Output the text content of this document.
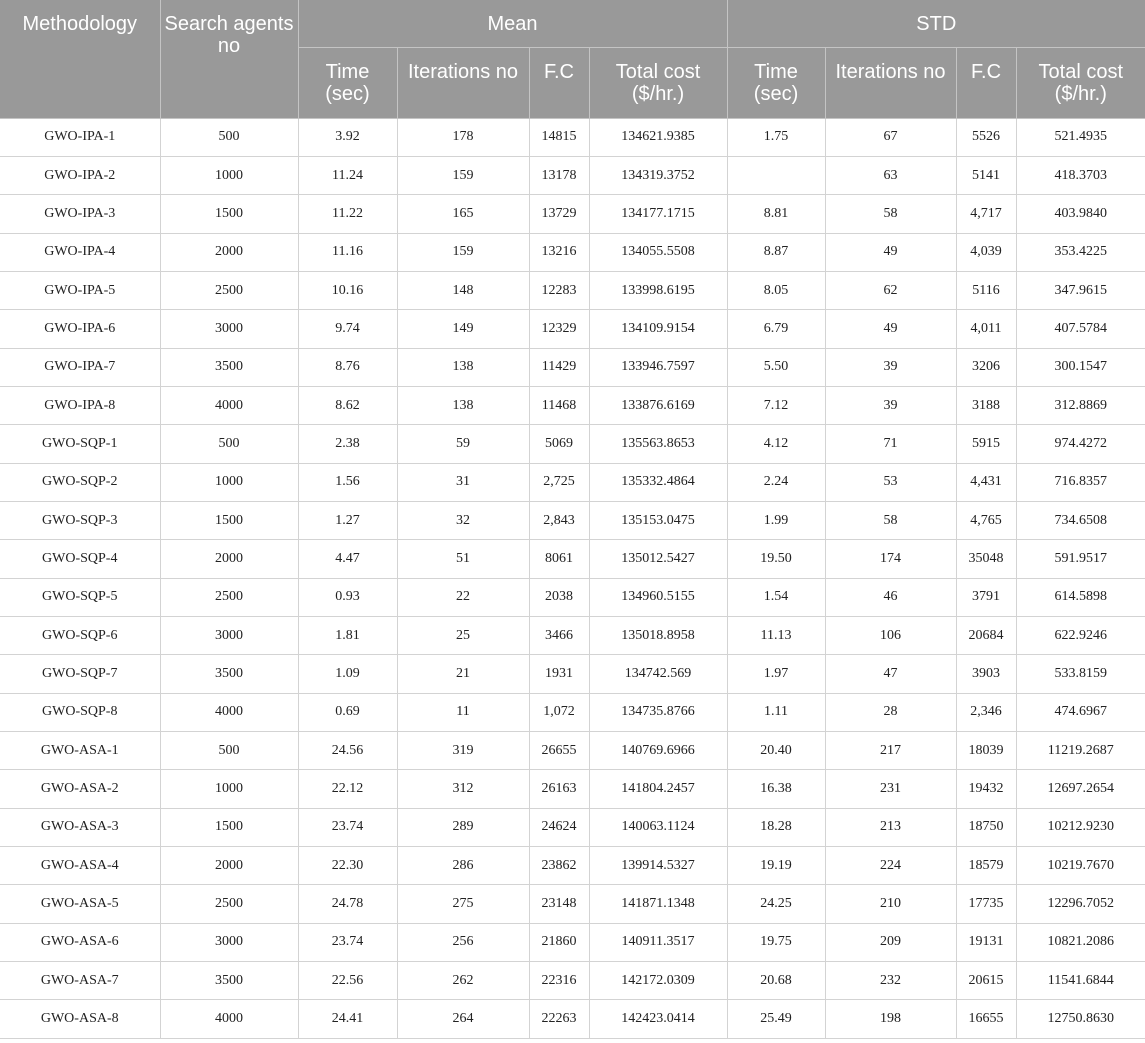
Methodology	Search agents no	Mean				STD			
		Time (sec)	Iterations no	F.C	Total cost ($/hr.)	Time (sec)	Iterations no	F.C	Total cost ($/hr.)
GWO-IPA-1	500	3.92	178	14815	134621.9385	1.75	67	5526	521.4935
GWO-IPA-2	1000	11.24	159	13178	134319.3752		63	5141	418.3703
GWO-IPA-3	1500	11.22	165	13729	134177.1715	8.81	58	4,717	403.9840
GWO-IPA-4	2000	11.16	159	13216	134055.5508	8.87	49	4,039	353.4225
GWO-IPA-5	2500	10.16	148	12283	133998.6195	8.05	62	5116	347.9615
GWO-IPA-6	3000	9.74	149	12329	134109.9154	6.79	49	4,011	407.5784
GWO-IPA-7	3500	8.76	138	11429	133946.7597	5.50	39	3206	300.1547
GWO-IPA-8	4000	8.62	138	11468	133876.6169	7.12	39	3188	312.8869
GWO-SQP-1	500	2.38	59	5069	135563.8653	4.12	71	5915	974.4272
GWO-SQP-2	1000	1.56	31	2,725	135332.4864	2.24	53	4,431	716.8357
GWO-SQP-3	1500	1.27	32	2,843	135153.0475	1.99	58	4,765	734.6508
GWO-SQP-4	2000	4.47	51	8061	135012.5427	19.50	174	35048	591.9517
GWO-SQP-5	2500	0.93	22	2038	134960.5155	1.54	46	3791	614.5898
GWO-SQP-6	3000	1.81	25	3466	135018.8958	11.13	106	20684	622.9246
GWO-SQP-7	3500	1.09	21	1931	134742.569	1.97	47	3903	533.8159
GWO-SQP-8	4000	0.69	11	1,072	134735.8766	1.11	28	2,346	474.6967
GWO-ASA-1	500	24.56	319	26655	140769.6966	20.40	217	18039	11219.2687
GWO-ASA-2	1000	22.12	312	26163	141804.2457	16.38	231	19432	12697.2654
GWO-ASA-3	1500	23.74	289	24624	140063.1124	18.28	213	18750	10212.9230
GWO-ASA-4	2000	22.30	286	23862	139914.5327	19.19	224	18579	10219.7670
GWO-ASA-5	2500	24.78	275	23148	141871.1348	24.25	210	17735	12296.7052
GWO-ASA-6	3000	23.74	256	21860	140911.3517	19.75	209	19131	10821.2086
GWO-ASA-7	3500	22.56	262	22316	142172.0309	20.68	232	20615	11541.6844
GWO-ASA-8	4000	24.41	264	22263	142423.0414	25.49	198	16655	12750.8630
